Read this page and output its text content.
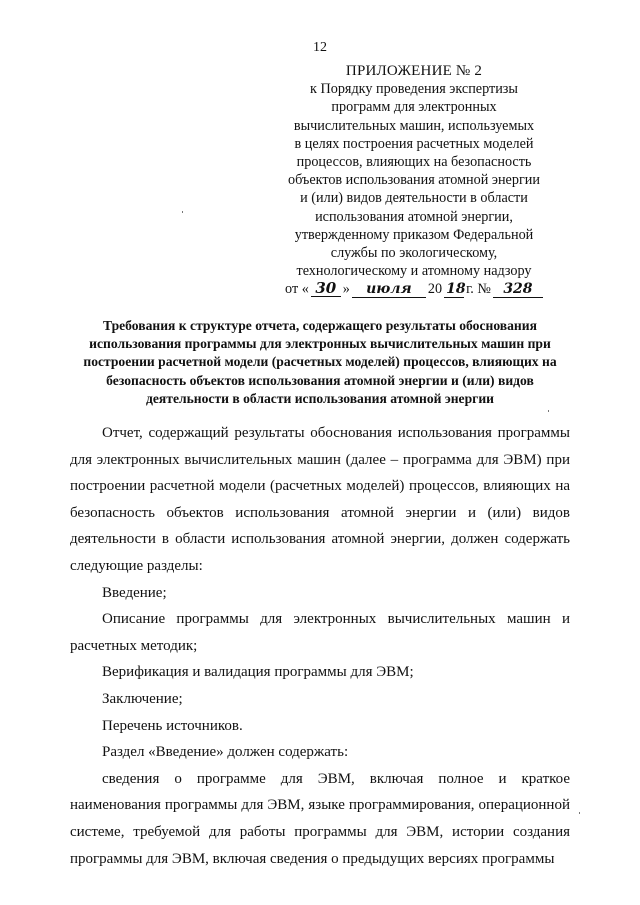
12
ПРИЛОЖЕНИЕ № 2
к Порядку проведения экспертизы
программ для электронных
вычислительных машин, используемых
в целях построения расчетных моделей
процессов, влияющих на безопасность
объектов использования атомной энергии
и (или) видов деятельности в области
использования атомной энергии,
утвержденному приказом Федеральной
службы по экологическому,
технологическому и атомному надзору
от « 30 »	июля	20 18 г. № 328
Требования к структуре отчета, содержащего результаты обоснования использования программы для электронных вычислительных машин при построении расчетной модели (расчетных моделей) процессов, влияющих на безопасность объектов использования атомной энергии и (или) видов деятельности в области использования атомной энергии

Отчет, содержащий результаты обоснования использования программы для электронных вычислительных машин (далее – программа для ЭВМ) при построении расчетной модели (расчетных моделей) процессов, влияющих на безопасность объектов использования атомной энергии и (или) видов деятельности в области использования атомной энергии, должен содержать следующие разделы:

Введение;

Описание программы для электронных вычислительных машин и расчетных методик;

Верификация и валидация программы для ЭВМ;

Заключение;

Перечень источников.

Раздел «Введение» должен содержать:

сведения о программе для ЭВМ, включая полное и краткое наименования программы для ЭВМ, языке программирования, операционной системе, требуемой для работы программы для ЭВМ, истории создания программы для ЭВМ, включая сведения о предыдущих версиях программы
